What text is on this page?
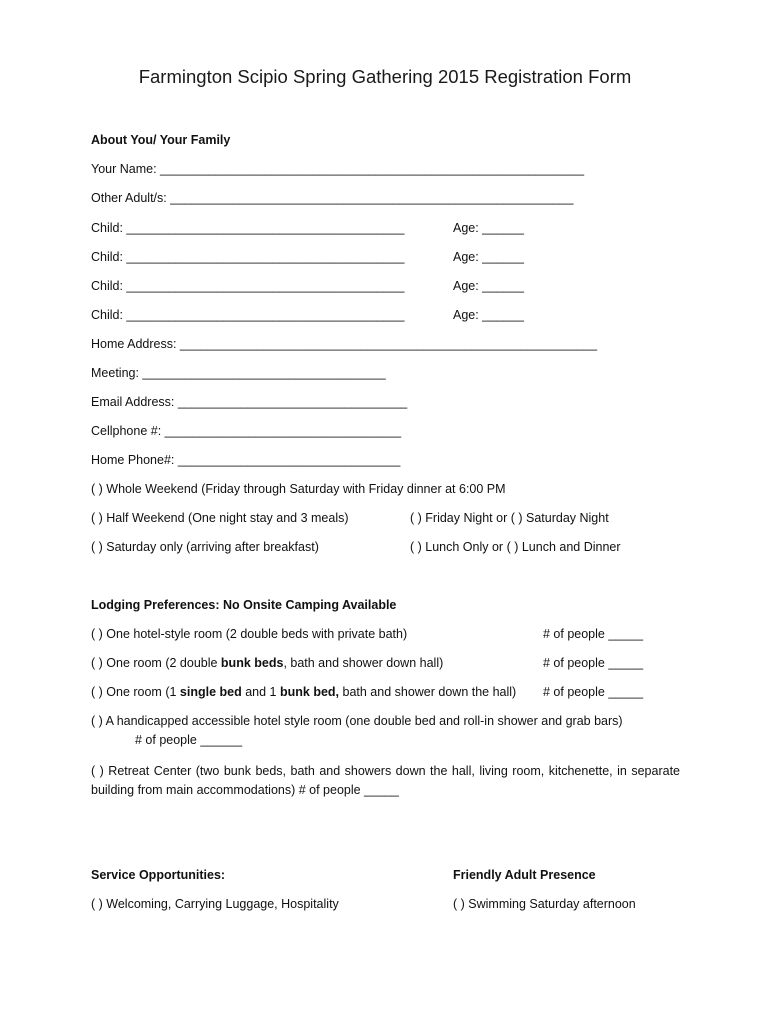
Farmington Scipio Spring Gathering 2015 Registration Form
About You/ Your Family
Your Name: _____________________________________________________________
Other Adult/s: __________________________________________________________
Child: ________________________________________	Age: ______
Child: ________________________________________	Age: ______
Child: ________________________________________	Age: ______
Child: ________________________________________	Age: ______
Home Address: ____________________________________________________________
Meeting: ___________________________________
Email Address: _________________________________
Cellphone #: __________________________________
Home Phone#: ________________________________
( ) Whole Weekend (Friday through Saturday with Friday dinner at 6:00 PM
( ) Half Weekend (One night stay and 3 meals)	( ) Friday Night or ( ) Saturday Night
( ) Saturday only (arriving after breakfast)	( ) Lunch Only or ( ) Lunch and Dinner
Lodging Preferences: No Onsite Camping Available
( ) One hotel-style room (2 double beds with private bath)	# of people _____
( ) One room (2 double bunk beds, bath and shower down hall)	# of people _____
( ) One room (1 single bed and 1 bunk bed, bath and shower down the hall) # of people _____
( ) A handicapped accessible hotel style room (one double bed and roll-in shower and grab bars)
# of people ______
( ) Retreat Center (two bunk beds, bath and showers down the hall, living room, kitchenette, in separate building from main accommodations) # of people _____
Service Opportunities:	Friendly Adult Presence
( ) Welcoming, Carrying Luggage, Hospitality	( ) Swimming Saturday afternoon
